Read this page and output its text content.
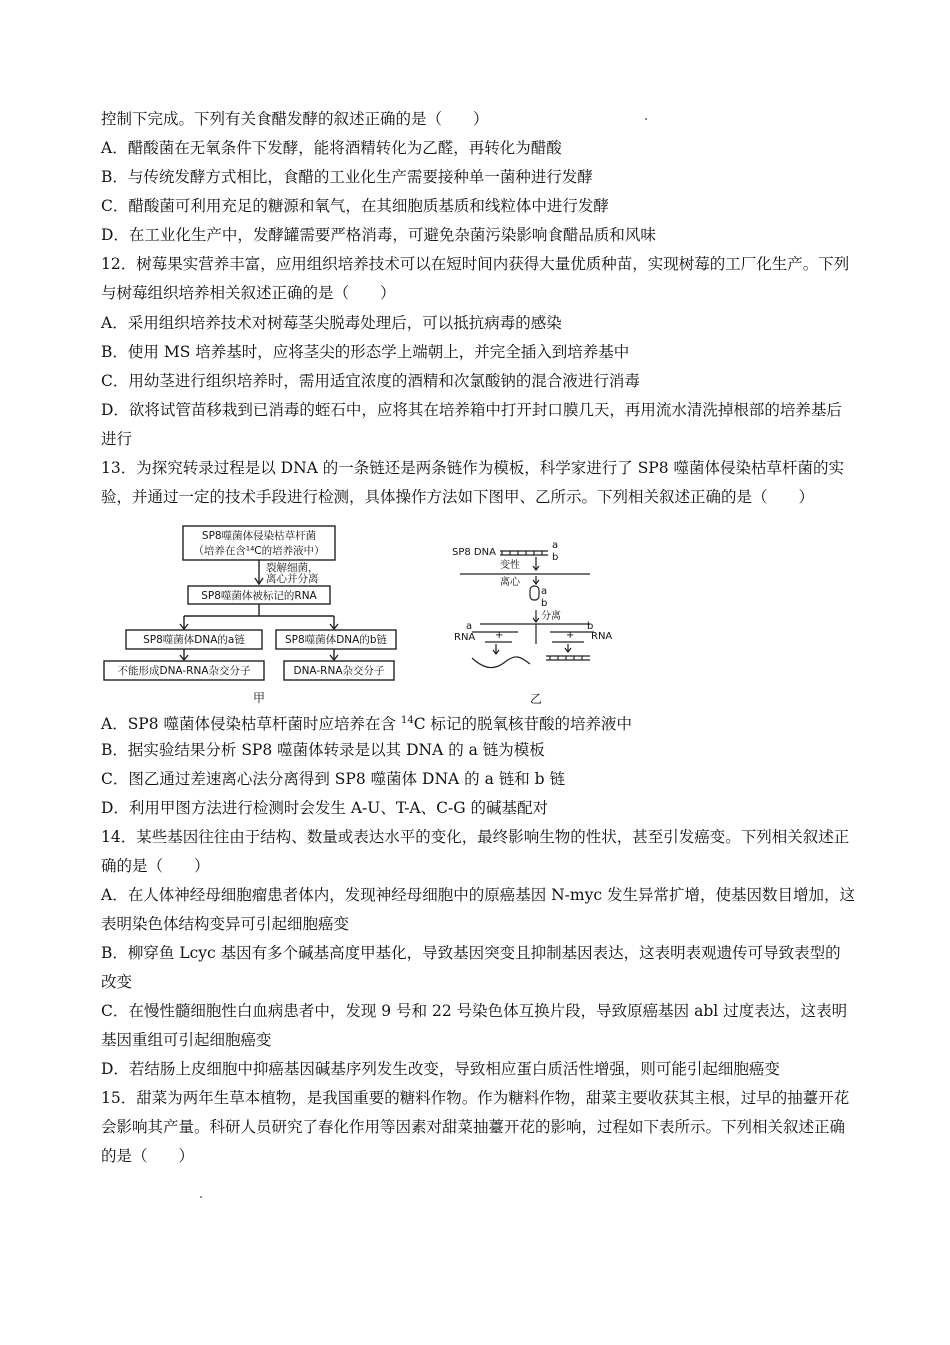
控制下完成。下列有关食醋发酵的叙述正确的是（　　）
A．醋酸菌在无氧条件下发酵，能将酒精转化为乙醛，再转化为醋酸
B．与传统发酵方式相比，食醋的工业化生产需要接种单一菌种进行发酵
C．醋酸菌可利用充足的糖源和氧气，在其细胞质基质和线粒体中进行发酵
D．在工业化生产中，发酵罐需要严格消毒，可避免杂菌污染影响食醋品质和风味
12．树莓果实营养丰富，应用组织培养技术可以在短时间内获得大量优质种苗，实现树莓的工厂化生产。下列与树莓组织培养相关叙述正确的是（　　）
A．采用组织培养技术对树莓茎尖脱毒处理后，可以抵抗病毒的感染
B．使用 MS 培养基时，应将茎尖的形态学上端朝上，并完全插入到培养基中
C．用幼茎进行组织培养时，需用适宜浓度的酒精和次氯酸钠的混合液进行消毒
D．欲将试管苗移栽到已消毒的蛭石中，应将其在培养箱中打开封口膜几天，再用流水清洗掉根部的培养基后进行
13．为探究转录过程是以 DNA 的一条链还是两条链作为模板，科学家进行了 SP8 噬菌体侵染枯草杆菌的实验，并通过一定的技术手段进行检测，具体操作方法如下图甲、乙所示。下列相关叙述正确的是（　　）
SP8噬菌体侵染枯草杆菌
（培养在含¹⁴C的培养液中）
裂解细菌，
离心并分离
SP8噬菌体被标记的RNA
SP8噬菌体DNA的a链	SP8噬菌体DNA的b链
不能形成DNA-RNA杂交分子	DNA-RNA杂交分子
甲
SP8 DNA
a
b
变性
离心
a
b
分离
a	b
RNA	RNA
+	+
乙
A．SP8 噬菌体侵染枯草杆菌时应培养在含 $^{14}$C 标记的脱氧核苷酸的培养液中
B．据实验结果分析 SP8 噬菌体转录是以其 DNA 的 a 链为模板
C．图乙通过差速离心法分离得到 SP8 噬菌体 DNA 的 a 链和 b 链
D．利用甲图方法进行检测时会发生 A-U、T-A、C-G 的碱基配对
14．某些基因往往由于结构、数量或表达水平的变化，最终影响生物的性状，甚至引发癌变。下列相关叙述正确的是（　　）
A．在人体神经母细胞瘤患者体内，发现神经母细胞中的原癌基因 N-myc 发生异常扩增，使基因数目增加，这表明染色体结构变异可引起细胞癌变
B．柳穿鱼 Lcyc 基因有多个碱基高度甲基化，导致基因突变且抑制基因表达，这表明表观遗传可导致表型的改变
C．在慢性髓细胞性白血病患者中，发现 9 号和 22 号染色体互换片段，导致原癌基因 abl 过度表达，这表明基因重组可引起细胞癌变
D．若结肠上皮细胞中抑癌基因碱基序列发生改变，导致相应蛋白质活性增强，则可能引起细胞癌变
15．甜菜为两年生草本植物，是我国重要的糖料作物。作为糖料作物，甜菜主要收获其主根，过早的抽薹开花会影响其产量。科研人员研究了春化作用等因素对甜菜抽薹开花的影响，过程如下表所示。下列相关叙述正确的是（　　）
